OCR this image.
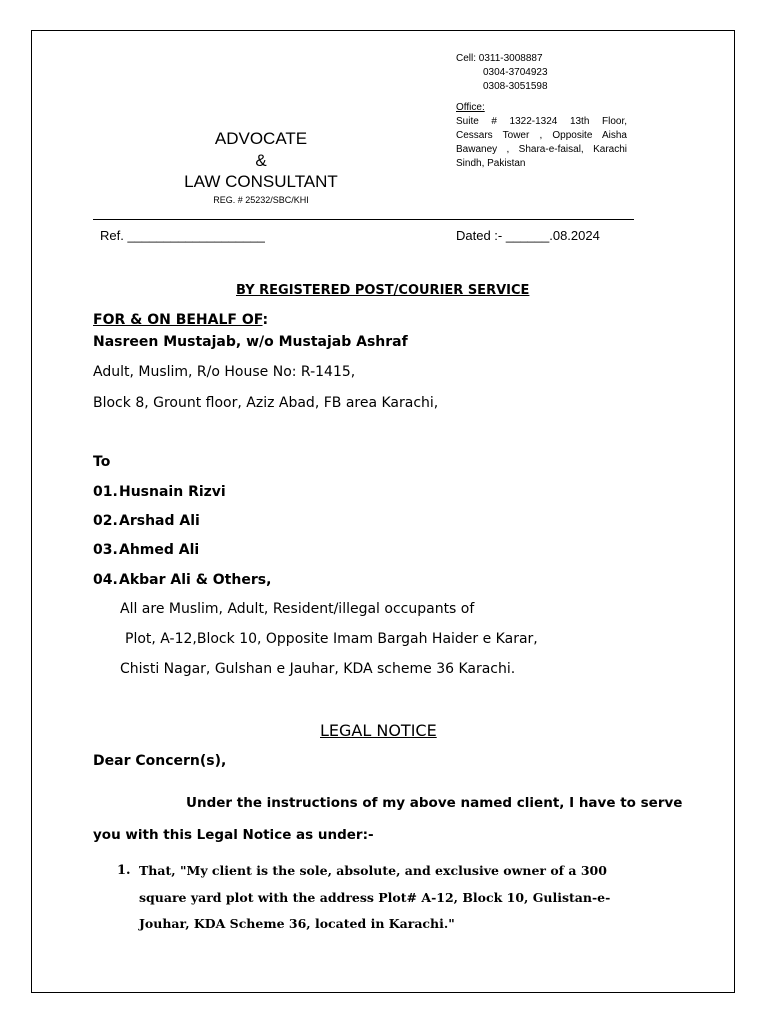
Cell: 0311-3008887
0304-3704923
0308-3051598
Office:
Suite # 1322-1324 13th Floor, Cessars Tower , Opposite Aisha Bawaney , Shara-e-faisal, Karachi Sindh, Pakistan
ADVOCATE
&
LAW CONSULTANT
REG. # 25232/SBC/KHI
Ref. ___________________	Dated :- ______.08.2024
BY REGISTERED POST/COURIER SERVICE
FOR & ON BEHALF OF:
Nasreen Mustajab, w/o Mustajab Ashraf
Adult, Muslim, R/o House No: R-1415,
Block 8, Grount floor, Aziz Abad, FB area Karachi,
To
01.Husnain Rizvi
02.Arshad Ali
03.Ahmed Ali
04.Akbar Ali & Others,
All are Muslim, Adult, Resident/illegal occupants of
Plot, A-12,Block 10, Opposite Imam Bargah Haider e Karar,
Chisti Nagar, Gulshan e Jauhar, KDA scheme 36 Karachi.
LEGAL NOTICE
Dear Concern(s),
Under the instructions of my above named client, I have to serve
you with this Legal Notice as under:-
1. That, "My client is the sole, absolute, and exclusive owner of a 300
square yard plot with the address Plot# A-12, Block 10, Gulistan-e-
Jouhar, KDA Scheme 36, located in Karachi."
